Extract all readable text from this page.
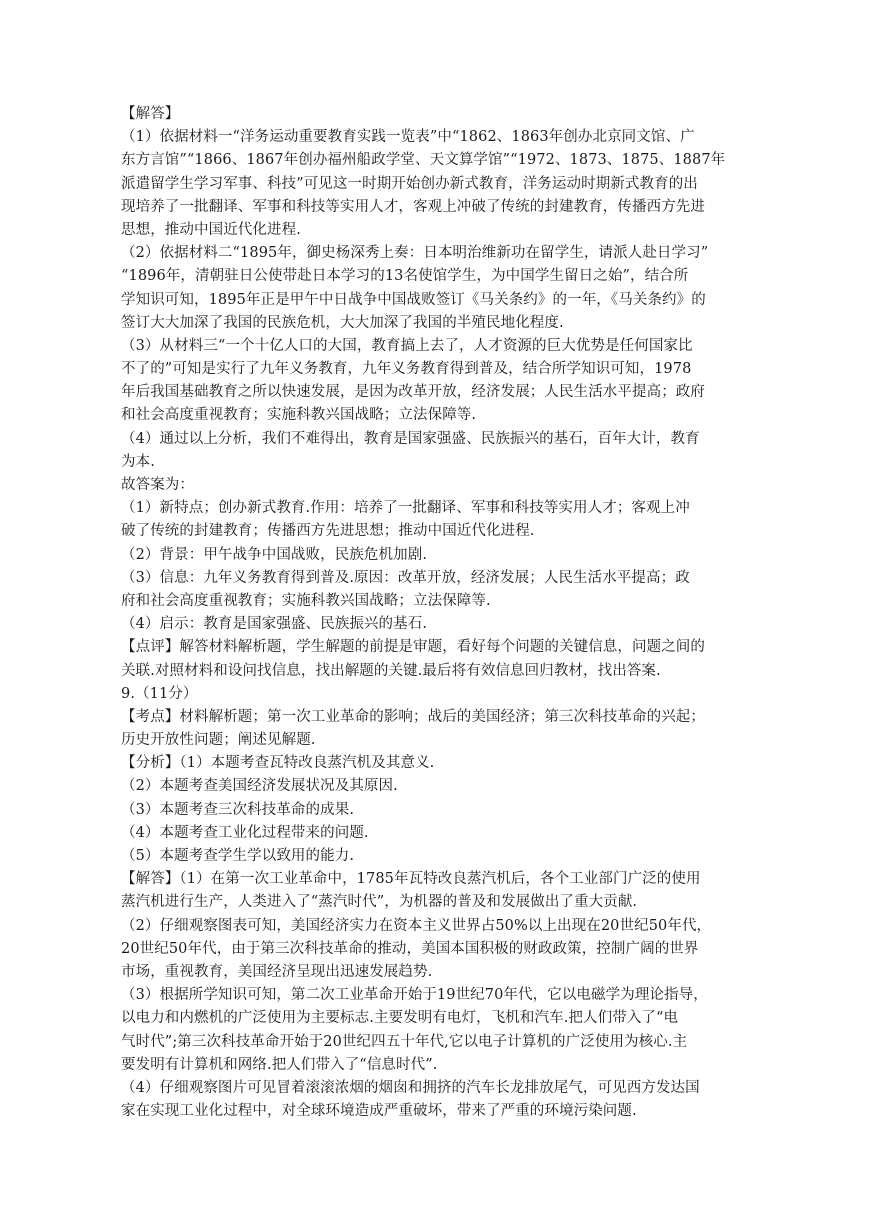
【解答】
（1）依据材料一“洋务运动重要教育实践一览表”中“1862、1863年创办北京同文馆、广
东方言馆”“1866、1867年创办福州船政学堂、天文算学馆”“1972、1873、1875、1887年
派遣留学生学习军事、科技”可见这一时期开始创办新式教育，洋务运动时期新式教育的出
现培养了一批翻译、军事和科技等实用人才，客观上冲破了传统的封建教育，传播西方先进
思想，推动中国近代化进程.
（2）依据材料二“1895年，御史杨深秀上奏：日本明治维新功在留学生，请派人赴日学习”
“1896年，清朝驻日公使带赴日本学习的13名使馆学生，为中国学生留日之始”，结合所
学知识可知，1895年正是甲午中日战争中国战败签订《马关条约》的一年，《马关条约》的
签订大大加深了我国的民族危机，大大加深了我国的半殖民地化程度.
（3）从材料三“一个十亿人口的大国，教育搞上去了，人才资源的巨大优势是任何国家比
不了的”可知是实行了九年义务教育，九年义务教育得到普及，结合所学知识可知，1978
年后我国基础教育之所以快速发展，是因为改革开放，经济发展；人民生活水平提高；政府
和社会高度重视教育；实施科教兴国战略；立法保障等.
（4）通过以上分析，我们不难得出，教育是国家强盛、民族振兴的基石，百年大计，教育
为本.
故答案为：
（1）新特点；创办新式教育.作用：培养了一批翻译、军事和科技等实用人才；客观上冲
破了传统的封建教育；传播西方先进思想；推动中国近代化进程.
（2）背景：甲午战争中国战败，民族危机加剧.
（3）信息：九年义务教育得到普及.原因：改革开放，经济发展；人民生活水平提高；政
府和社会高度重视教育；实施科教兴国战略；立法保障等.
（4）启示：教育是国家强盛、民族振兴的基石.
【点评】解答材料解析题，学生解题的前提是审题，看好每个问题的关键信息，问题之间的
关联.对照材料和设问找信息，找出解题的关键.最后将有效信息回归教材，找出答案.
9.（11分）
【考点】材料解析题；第一次工业革命的影响；战后的美国经济；第三次科技革命的兴起；
历史开放性问题；阐述见解题.
【分析】（1）本题考查瓦特改良蒸汽机及其意义.
（2）本题考查美国经济发展状况及其原因.
（3）本题考查三次科技革命的成果.
（4）本题考查工业化过程带来的问题.
（5）本题考查学生学以致用的能力.
【解答】（1）在第一次工业革命中，1785年瓦特改良蒸汽机后，各个工业部门广泛的使用
蒸汽机进行生产，人类进入了“蒸汽时代”，为机器的普及和发展做出了重大贡献.
（2）仔细观察图表可知，美国经济实力在资本主义世界占50%以上出现在20世纪50年代，
20世纪50年代，由于第三次科技革命的推动，美国本国积极的财政政策，控制广阔的世界
市场，重视教育，美国经济呈现出迅速发展趋势.
（3）根据所学知识可知，第二次工业革命开始于19世纪70年代，它以电磁学为理论指导，
以电力和内燃机的广泛使用为主要标志.主要发明有电灯，飞机和汽车.把人们带入了“电
气时代”;第三次科技革命开始于20世纪四五十年代,它以电子计算机的广泛使用为核心.主
要发明有计算机和网络.把人们带入了“信息时代”.
（4）仔细观察图片可见冒着滚滚浓烟的烟囱和拥挤的汽车长龙排放尾气，可见西方发达国
家在实现工业化过程中，对全球环境造成严重破坏，带来了严重的环境污染问题.
